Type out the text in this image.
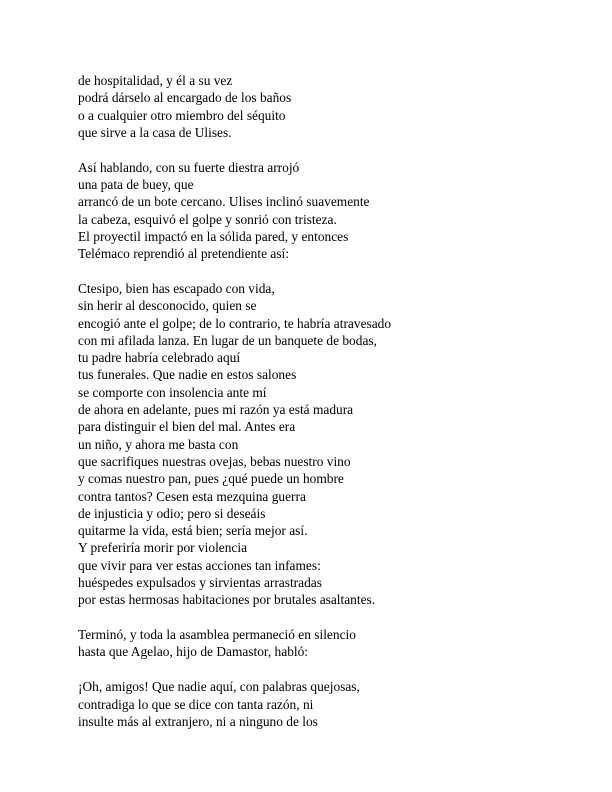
de hospitalidad, y él a su vez
podrá dárselo al encargado de los baños
o a cualquier otro miembro del séquito
que sirve a la casa de Ulises.
Así hablando, con su fuerte diestra arrojó
una pata de buey, que
arrancó de un bote cercano. Ulises inclinó suavemente
la cabeza, esquivó el golpe y sonrió con tristeza.
El proyectil impactó en la sólida pared, y entonces
Telémaco reprendió al pretendiente así:
Ctesipo, bien has escapado con vida,
sin herir al desconocido, quien se
encogió ante el golpe; de lo contrario, te habría atravesado
con mi afilada lanza. En lugar de un banquete de bodas,
tu padre habría celebrado aquí
tus funerales. Que nadie en estos salones
se comporte con insolencia ante mí
de ahora en adelante, pues mi razón ya está madura
para distinguir el bien del mal. Antes era
un niño, y ahora me basta con
que sacrifiques nuestras ovejas, bebas nuestro vino
y comas nuestro pan, pues ¿qué puede un hombre
contra tantos? Cesen esta mezquina guerra
de injusticia y odio; pero si deseáis
quitarme la vida, está bien; sería mejor así.
Y preferiría morir por violencia
que vivir para ver estas acciones tan infames:
huéspedes expulsados y sirvientas arrastradas
por estas hermosas habitaciones por brutales asaltantes.
Terminó, y toda la asamblea permaneció en silencio
hasta que Agelao, hijo de Damastor, habló:
¡Oh, amigos! Que nadie aquí, con palabras quejosas,
contradiga lo que se dice con tanta razón, ni
insulte más al extranjero, ni a ninguno de los
